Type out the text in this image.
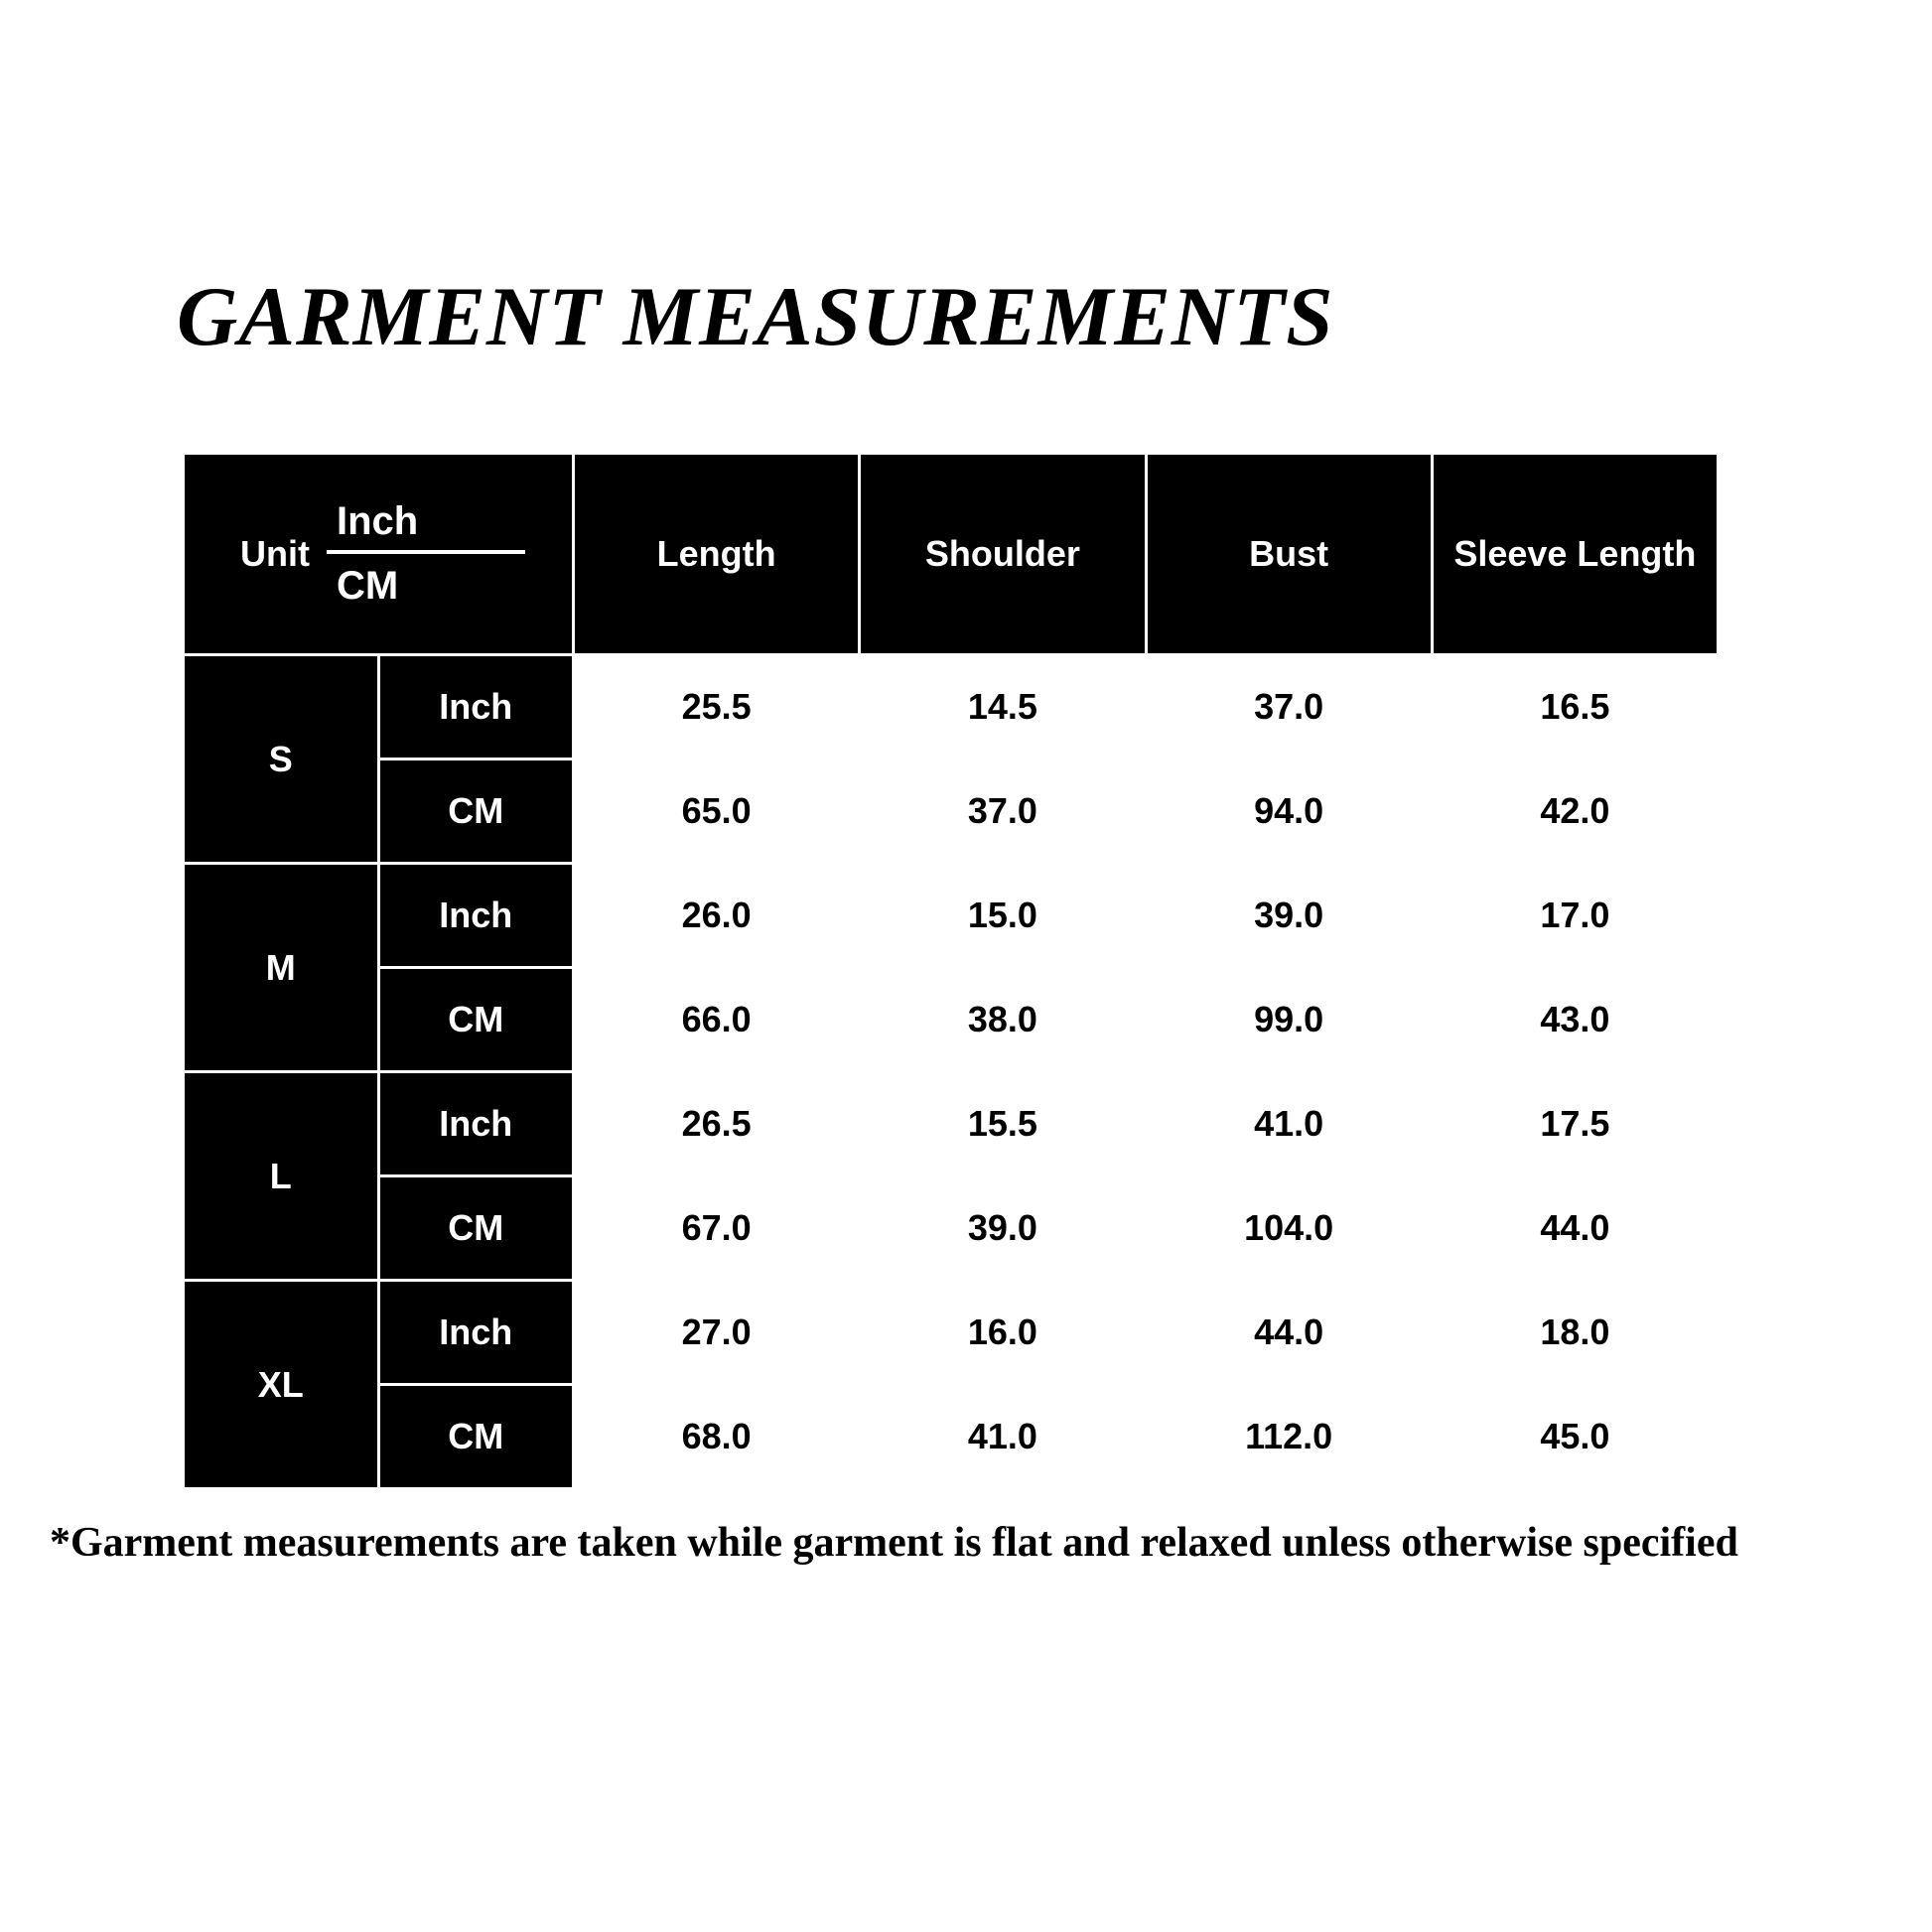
GARMENT MEASUREMENTS
Unit
Inch
CM		Length	Shoulder	Bust	Sleeve Length
S	Inch	25.5	14.5	37.0	16.5
	CM	65.0	37.0	94.0	42.0
M	Inch	26.0	15.0	39.0	17.0
	CM	66.0	38.0	99.0	43.0
L	Inch	26.5	15.5	41.0	17.5
	CM	67.0	39.0	104.0	44.0
XL	Inch	27.0	16.0	44.0	18.0
	CM	68.0	41.0	112.0	45.0
*Garment measurements are taken while garment is flat and relaxed unless otherwise specified
